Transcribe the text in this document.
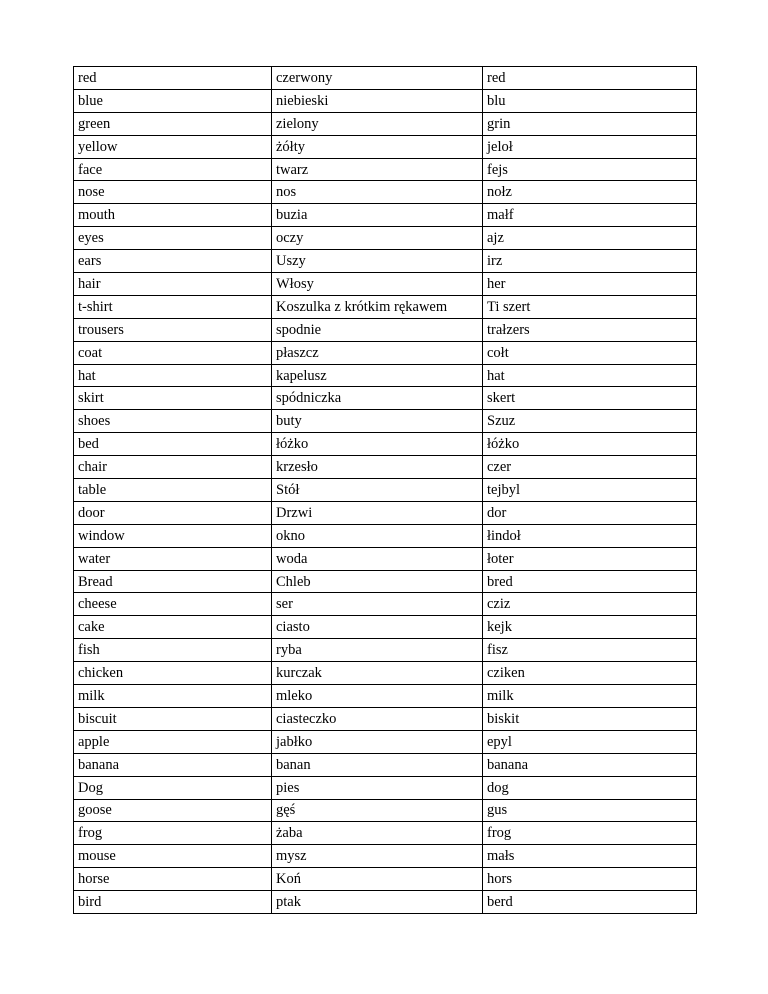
red	czerwony	red
blue	niebieski	blu
green	zielony	grin
yellow	żółty	jeloł
face	twarz	fejs
nose	nos	nołz
mouth	buzia	małf
eyes	oczy	ajz
ears	Uszy	irz
hair	Włosy	her
t-shirt	Koszulka z krótkim rękawem	Ti szert
trousers	spodnie	trałzers
coat	płaszcz	cołt
hat	kapelusz	hat
skirt	spódniczka	skert
shoes	buty	Szuz
bed	łóżko	łóżko
chair	krzesło	czer
table	Stół	tejbyl
door	Drzwi	dor
window	okno	łindoł
water	woda	łoter
Bread	Chleb	bred
cheese	ser	cziz
cake	ciasto	kejk
fish	ryba	fisz
chicken	kurczak	cziken
milk	mleko	milk
biscuit	ciasteczko	biskit
apple	jabłko	epyl
banana	banan	banana
Dog	pies	dog
goose	gęś	gus
frog	żaba	frog
mouse	mysz	małs
horse	Koń	hors
bird	ptak	berd
